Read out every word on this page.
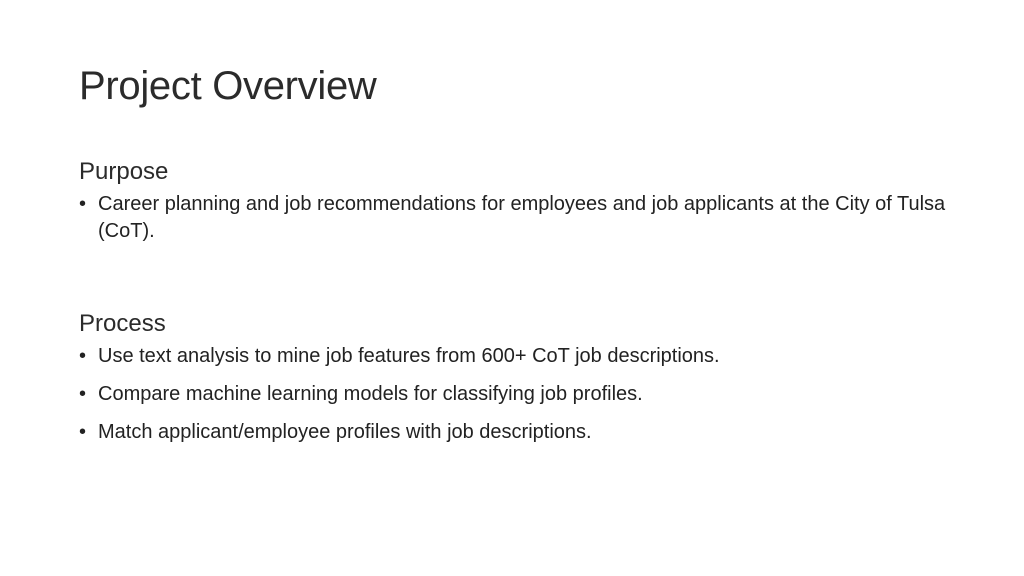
Project Overview
Purpose
• Career planning and job recommendations for employees and job applicants at the City of Tulsa (CoT).
Process
• Use text analysis to mine job features from 600+ CoT job descriptions.
• Compare machine learning models for classifying job profiles.
• Match applicant/employee profiles with job descriptions.
